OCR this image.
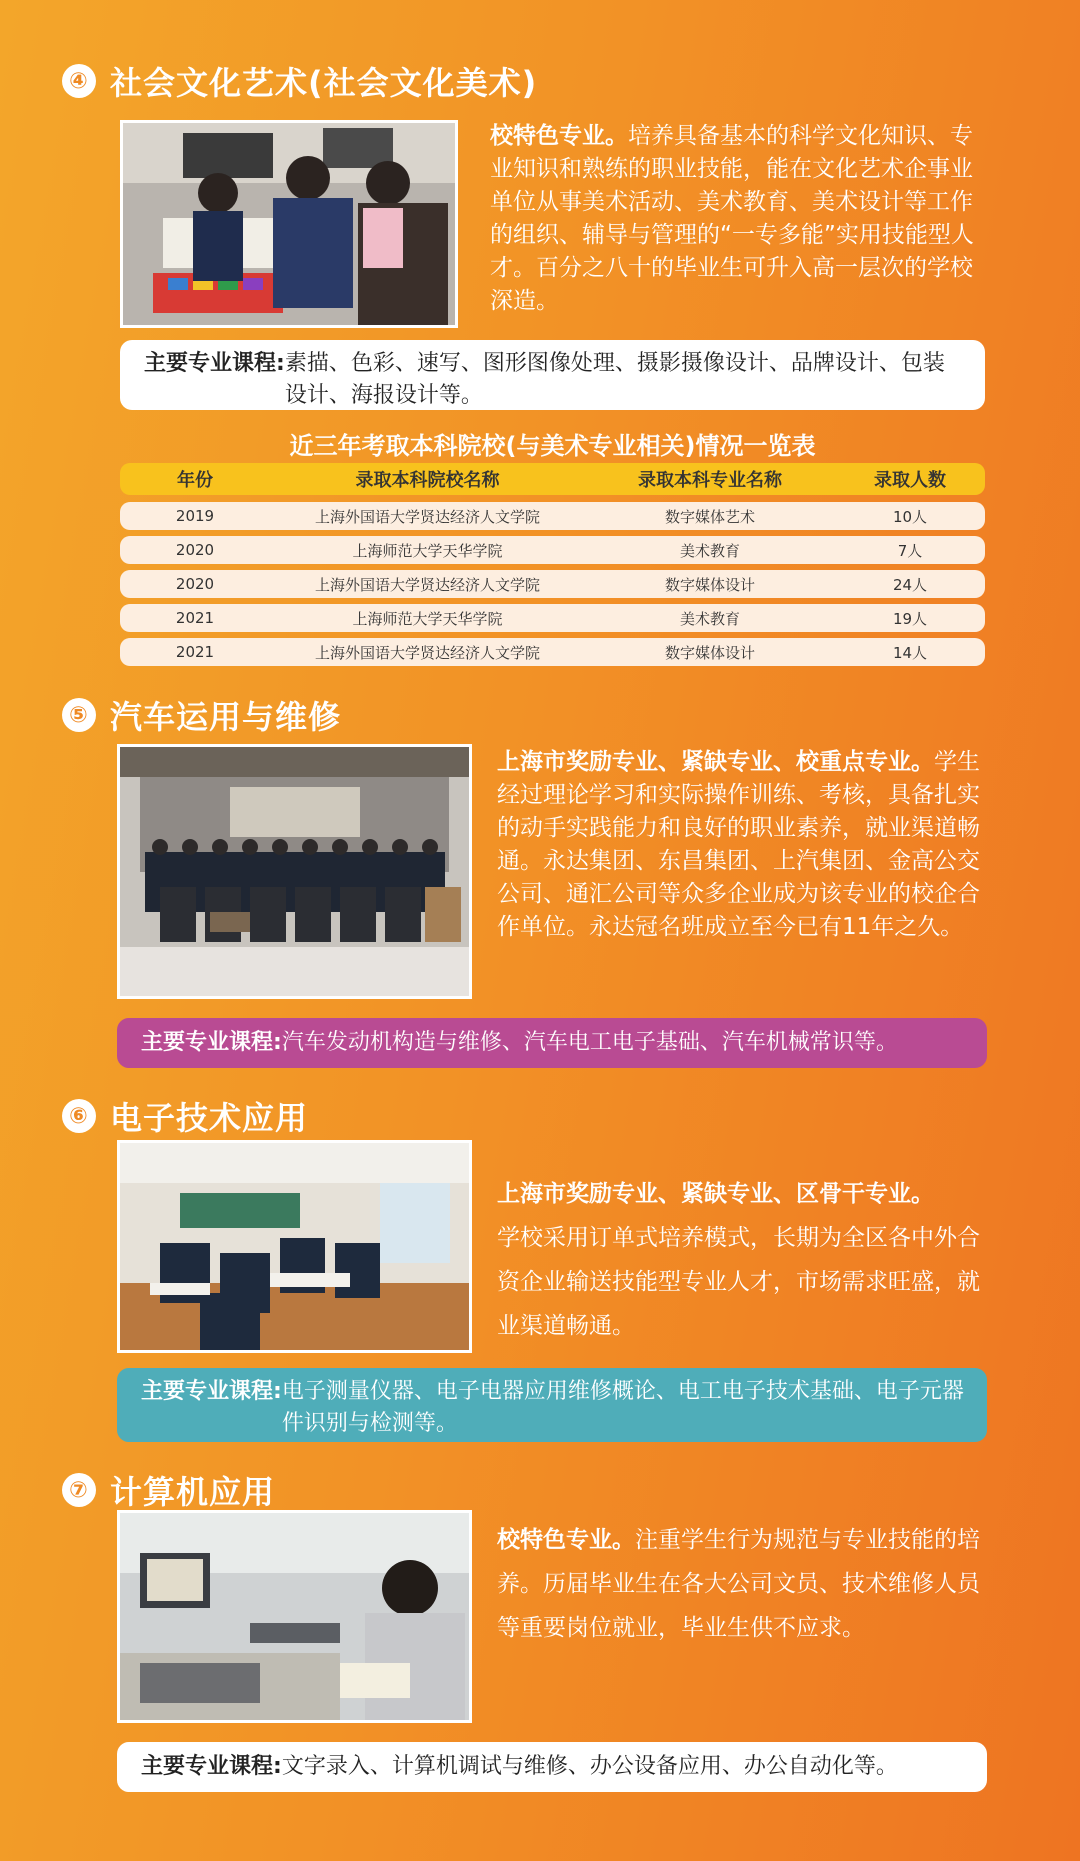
④ 社会文化艺术(社会文化美术)
校特色专业。培养具备基本的科学文化知识、专业知识和熟练的职业技能，能在文化艺术企事业单位从事美术活动、美术教育、美术设计等工作的组织、辅导与管理的“一专多能”实用技能型人才。百分之八十的毕业生可升入高一层次的学校深造。
主要专业课程: 素描、色彩、速写、图形图像处理、摄影摄像设计、品牌设计、包装设计、海报设计等。
近三年考取本科院校(与美术专业相关)情况一览表
年份	录取本科院校名称	录取本科专业名称	录取人数
2019	上海外国语大学贤达经济人文学院	数字媒体艺术	10人
2020	上海师范大学天华学院	美术教育	7人
2020	上海外国语大学贤达经济人文学院	数字媒体设计	24人
2021	上海师范大学天华学院	美术教育	19人
2021	上海外国语大学贤达经济人文学院	数字媒体设计	14人
⑤ 汽车运用与维修
上海市奖励专业、紧缺专业、校重点专业。学生经过理论学习和实际操作训练、考核，具备扎实的动手实践能力和良好的职业素养，就业渠道畅通。永达集团、东昌集团、上汽集团、金高公交公司、通汇公司等众多企业成为该专业的校企合作单位。永达冠名班成立至今已有11年之久。
主要专业课程: 汽车发动机构造与维修、汽车电工电子基础、汽车机械常识等。
⑥ 电子技术应用
上海市奖励专业、紧缺专业、区骨干专业。
学校采用订单式培养模式，长期为全区各中外合资企业输送技能型专业人才，市场需求旺盛，就业渠道畅通。
主要专业课程: 电子测量仪器、电子电器应用维修概论、电工电子技术基础、电子元器件识别与检测等。
⑦ 计算机应用
校特色专业。注重学生行为规范与专业技能的培养。历届毕业生在各大公司文员、技术维修人员等重要岗位就业，毕业生供不应求。
主要专业课程: 文字录入、计算机调试与维修、办公设备应用、办公自动化等。
